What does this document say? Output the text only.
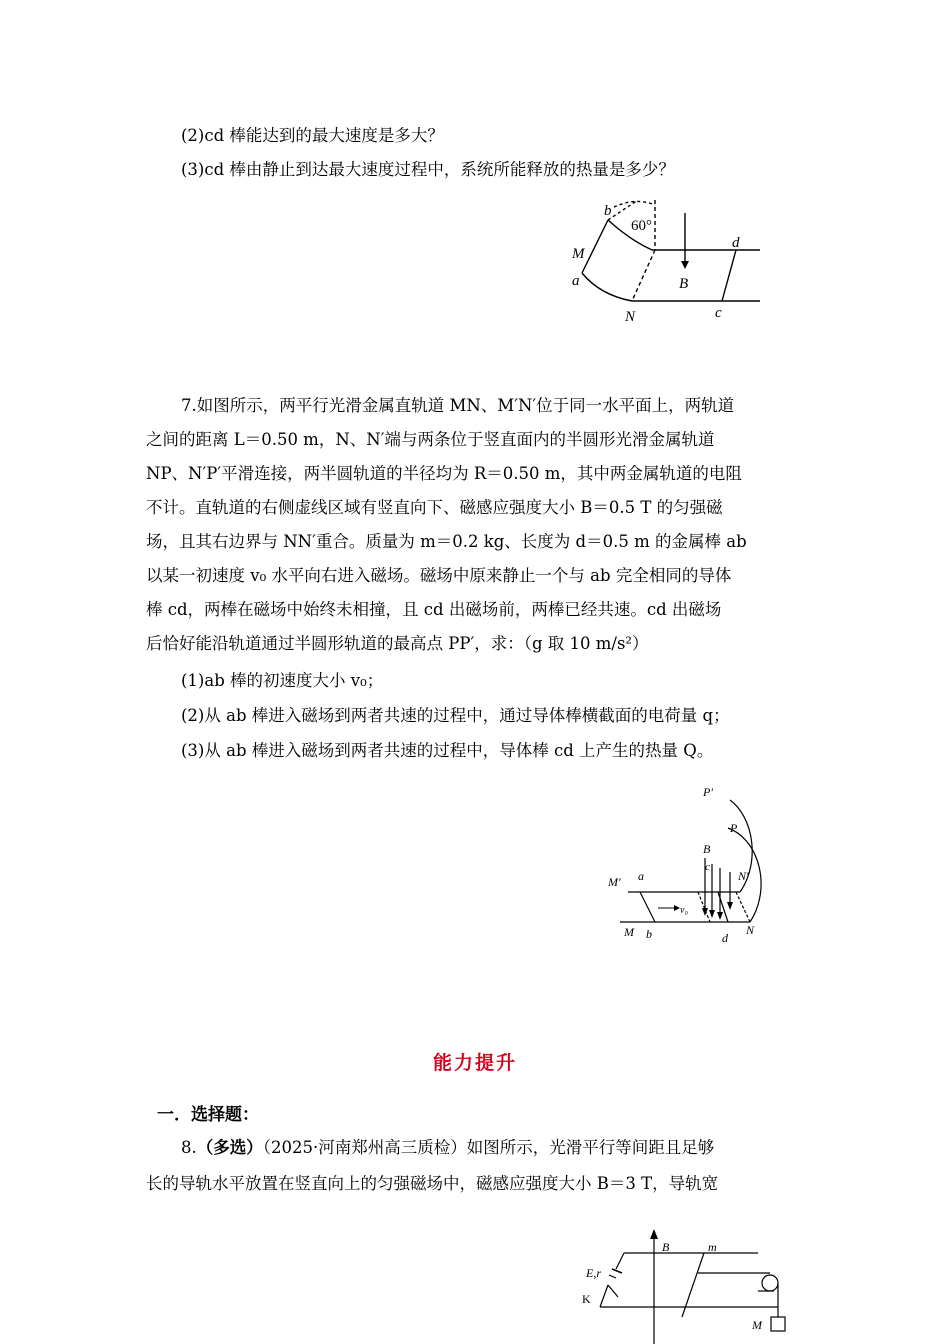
(2)cd 棒能达到的最大速度是多大？
(3)cd 棒由静止到达最大速度过程中，系统所能释放的热量是多少？
60°
b
M
a	B
d
c
N
7.如图所示，两平行光滑金属直轨道 MN、M′N′位于同一水平面上，两轨道
之间的距离 L＝0.50 m，N、N′端与两条位于竖直面内的半圆形光滑金属轨道
NP、N′P′平滑连接，两半圆轨道的半径均为 R＝0.50 m，其中两金属轨道的电阻
不计。直轨道的右侧虚线区域有竖直向下、磁感应强度大小 B＝0.5 T 的匀强磁
场，且其右边界与 NN′重合。质量为 m＝0.2 kg、长度为 d＝0.5 m 的金属棒 ab
以某一初速度 v₀ 水平向右进入磁场。磁场中原来静止一个与 ab 完全相同的导体
棒 cd，两棒在磁场中始终未相撞，且 cd 出磁场前，两棒已经共速。cd 出磁场
后恰好能沿轨道通过半圆形轨道的最高点 PP′，求：（g 取 10 m/s²）
(1)ab 棒的初速度大小 v₀；
(2)从 ab 棒进入磁场到两者共速的过程中，通过导体棒横截面的电荷量 q；
(3)从 ab 棒进入磁场到两者共速的过程中，导体棒 cd 上产生的热量 Q。
P′
P
B
c
M′ a	N′
v₀
M b	d
N
能力提升
一．选择题：
8.（多选）（2025·河南郑州高三质检）如图所示，光滑平行等间距且足够
长的导轨水平放置在竖直向上的匀强磁场中，磁感应强度大小 B＝3 T，导轨宽
B	m
E,r
K
M
